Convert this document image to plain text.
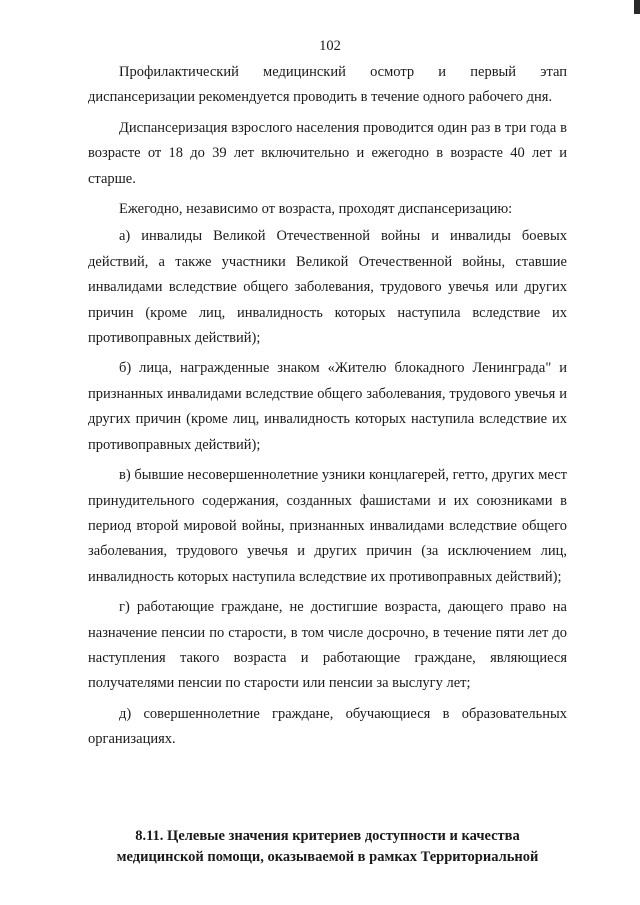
102

Профилактический медицинский осмотр и первый этап диспансеризации рекомендуется проводить в течение одного рабочего дня.

Диспансеризация взрослого населения проводится один раз в три года в возрасте от 18 до 39 лет включительно и ежегодно в возрасте 40 лет и старше.

Ежегодно, независимо от возраста, проходят диспансеризацию:

а) инвалиды Великой Отечественной войны и инвалиды боевых действий, а также участники Великой Отечественной войны, ставшие инвалидами вследствие общего заболевания, трудового увечья или других причин (кроме лиц, инвалидность которых наступила вследствие их противоправных действий);

б) лица, награжденные знаком «Жителю блокадного Ленинграда" и признанных инвалидами вследствие общего заболевания, трудового увечья и других причин (кроме лиц, инвалидность которых наступила вследствие их противоправных действий);

в) бывшие несовершеннолетние узники концлагерей, гетто, других мест принудительного содержания, созданных фашистами и их союзниками в период второй мировой войны, признанных инвалидами вследствие общего заболевания, трудового увечья и других причин (за исключением лиц, инвалидность которых наступила вследствие их противоправных действий);

г) работающие граждане, не достигшие возраста, дающего право на назначение пенсии по старости, в том числе досрочно, в течение пяти лет до наступления такого возраста и работающие граждане, являющиеся получателями пенсии по старости или пенсии за выслугу лет;

д) совершеннолетние граждане, обучающиеся в образовательных организациях.

8.11. Целевые значения критериев доступности и качества
медицинской помощи, оказываемой в рамках Территориальной
